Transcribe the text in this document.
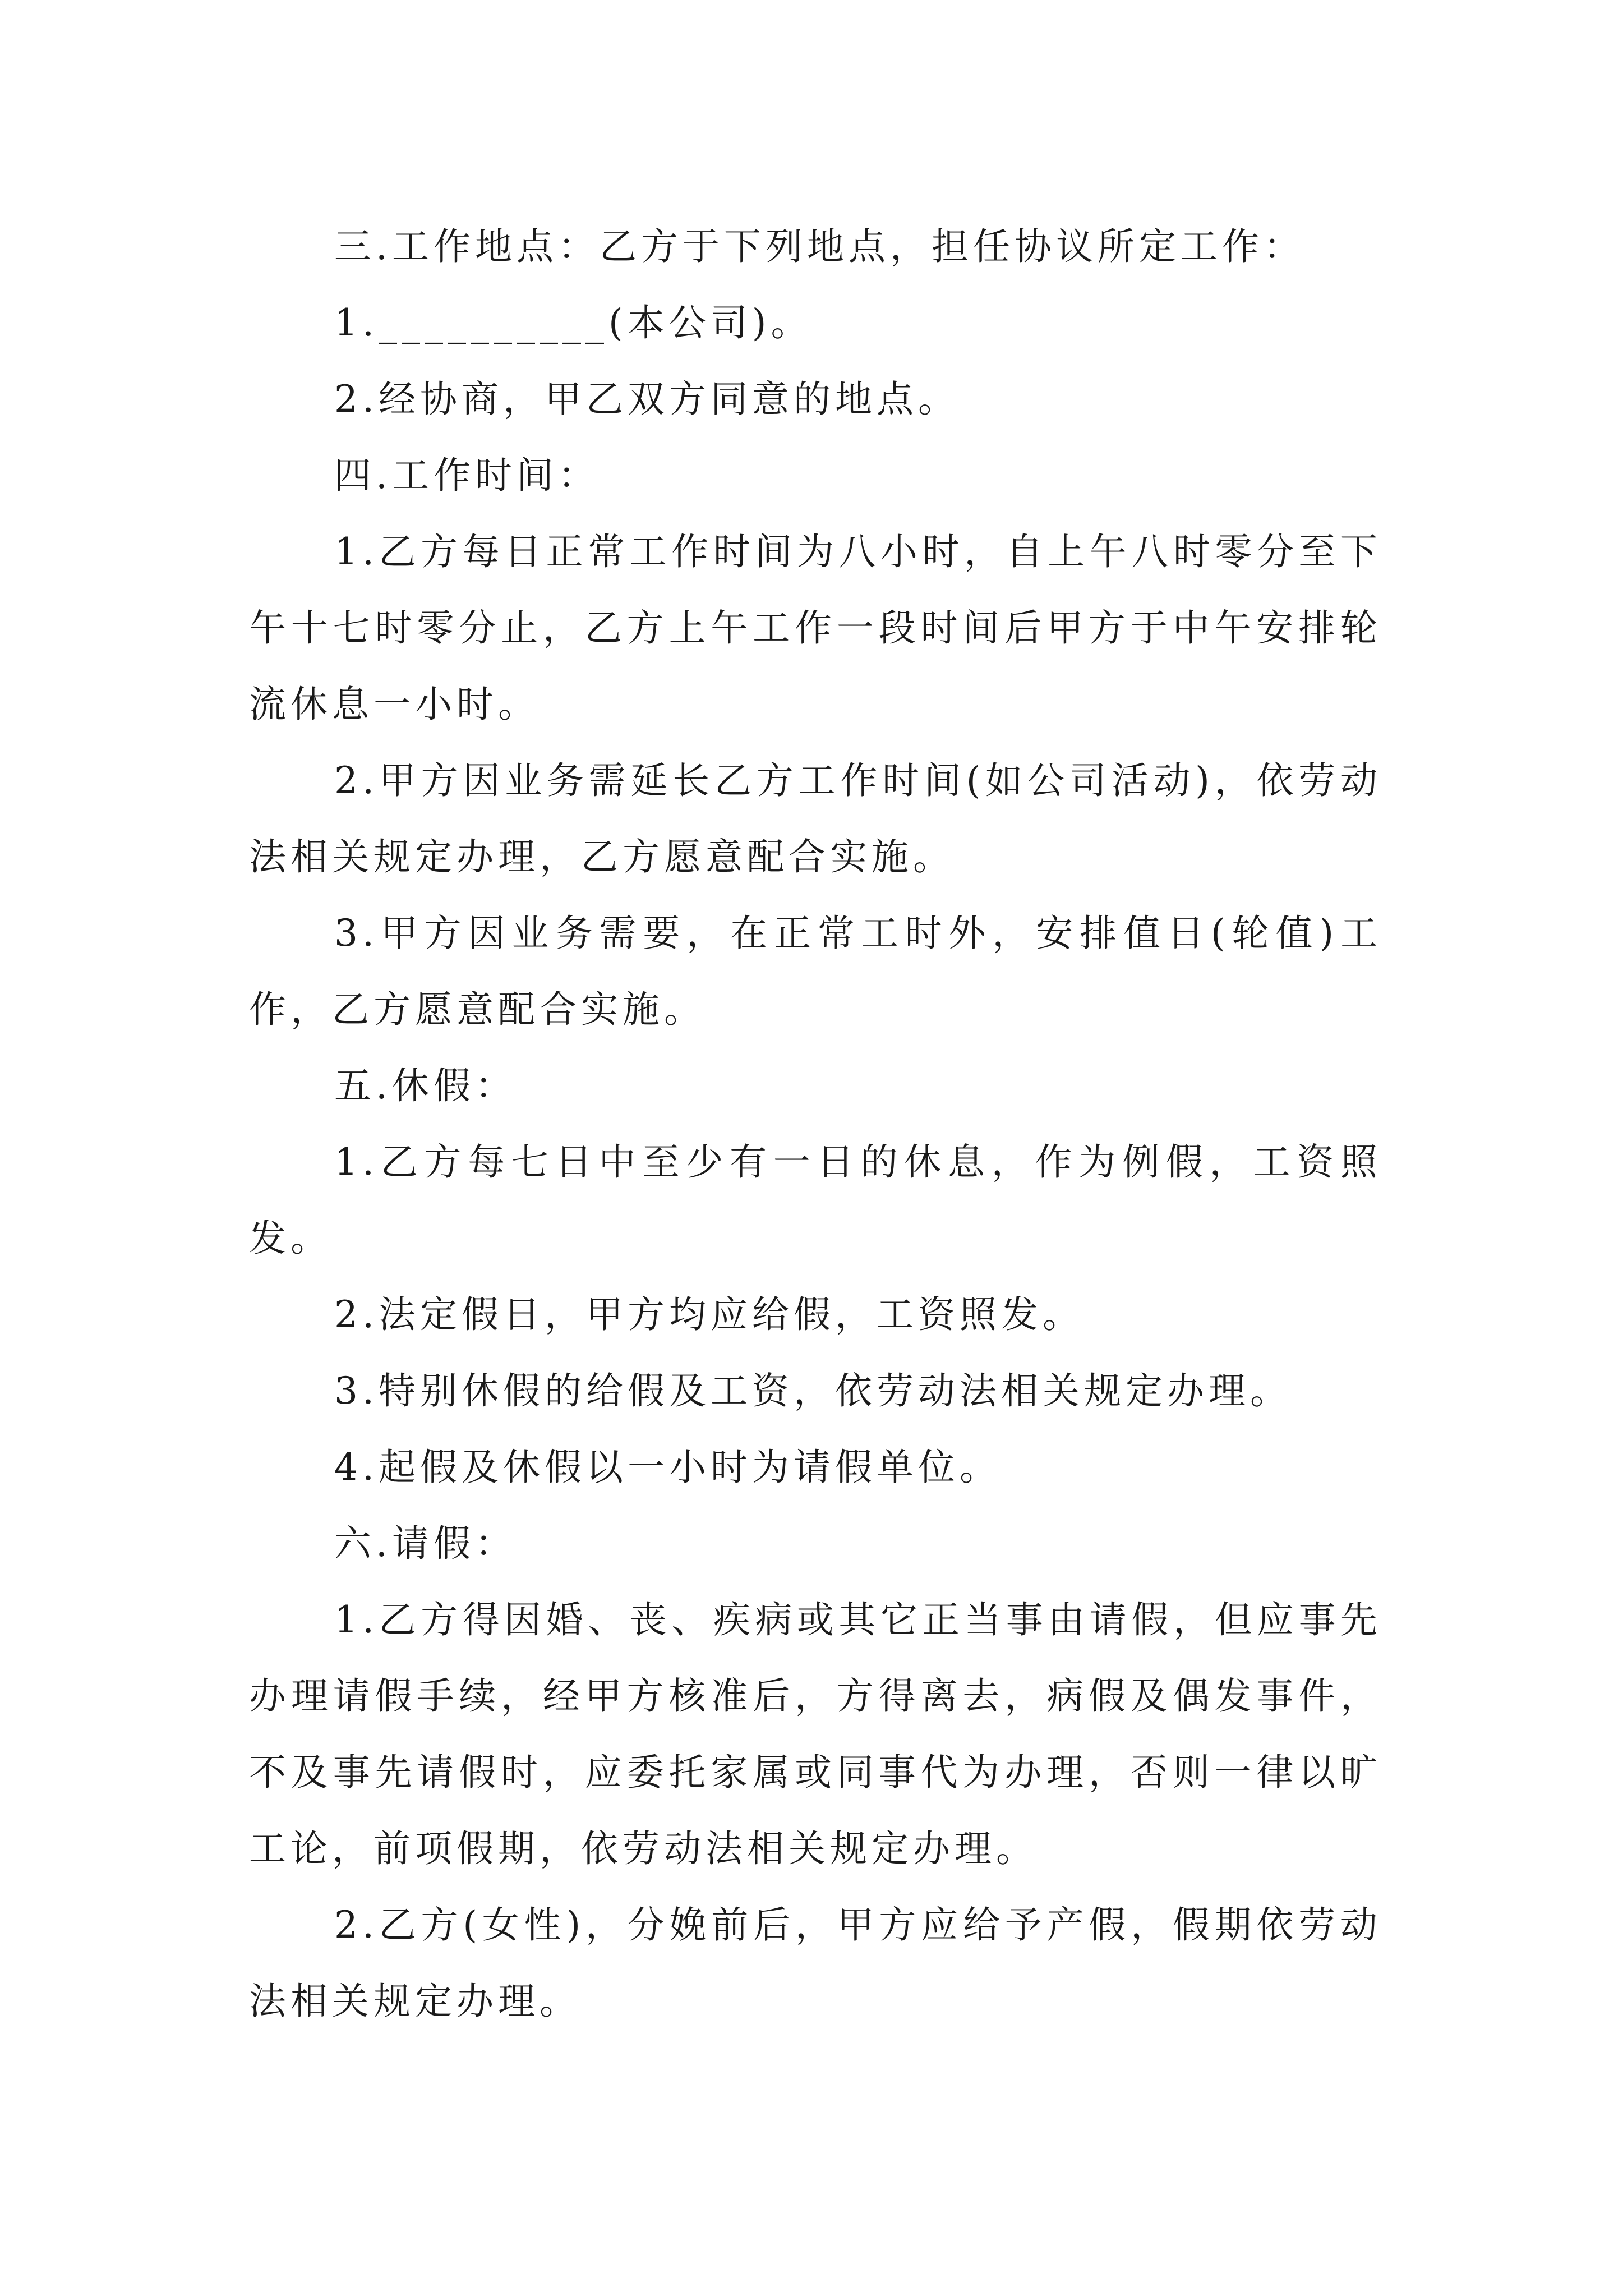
三.工作地点：乙方于下列地点，担任协议所定工作：

1.__________(本公司)。

2.经协商，甲乙双方同意的地点。

四.工作时间：

1.乙方每日正常工作时间为八小时，自上午八时零分至下午十七时零分止，乙方上午工作一段时间后甲方于中午安排轮流休息一小时。

2.甲方因业务需延长乙方工作时间(如公司活动)，依劳动法相关规定办理，乙方愿意配合实施。

3.甲方因业务需要，在正常工时外，安排值日(轮值)工作，乙方愿意配合实施。

五.休假：

1.乙方每七日中至少有一日的休息，作为例假，工资照发。

2.法定假日，甲方均应给假，工资照发。

3.特别休假的给假及工资，依劳动法相关规定办理。

4.起假及休假以一小时为请假单位。

六.请假：

1.乙方得因婚、丧、疾病或其它正当事由请假，但应事先办理请假手续，经甲方核准后，方得离去，病假及偶发事件，不及事先请假时，应委托家属或同事代为办理，否则一律以旷工论，前项假期，依劳动法相关规定办理。

2.乙方(女性)，分娩前后，甲方应给予产假，假期依劳动法相关规定办理。
